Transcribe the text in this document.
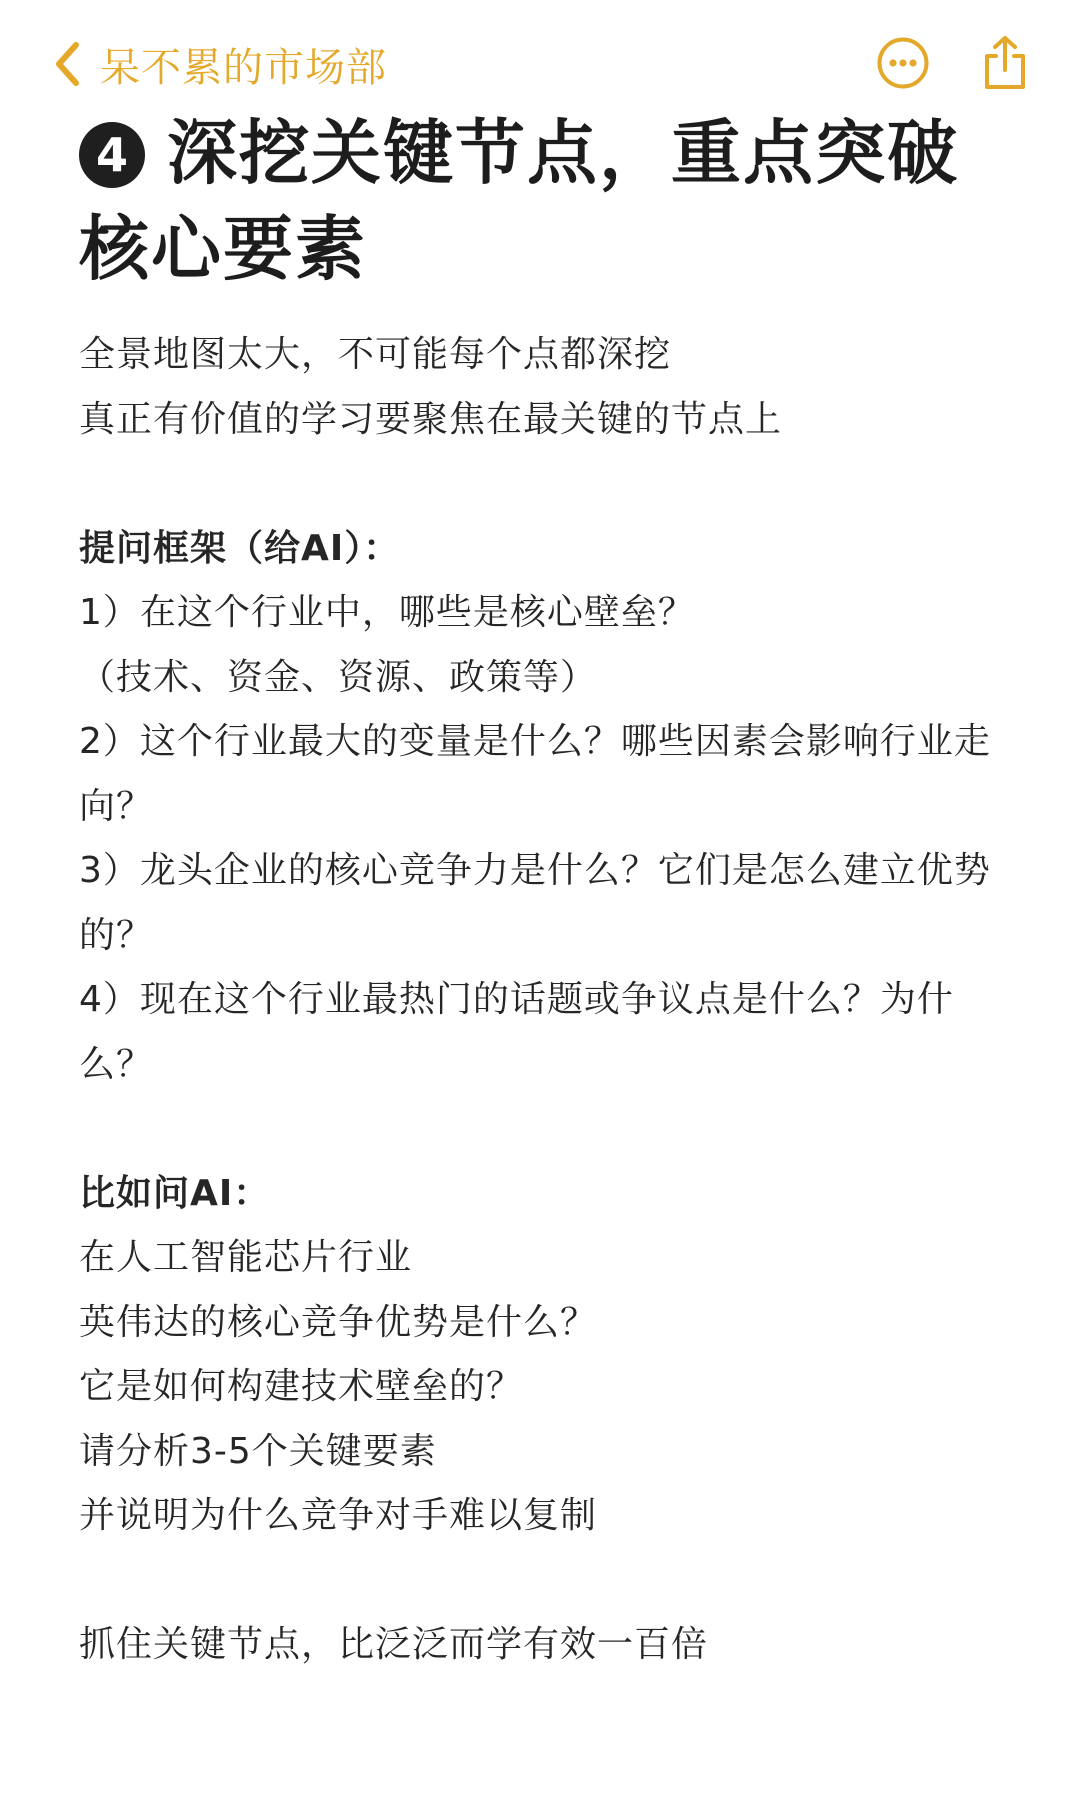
呆不累的市场部
4 深挖关键节点，重点突破核心要素
全景地图太大，不可能每个点都深挖
真正有价值的学习要聚焦在最关键的节点上
提问框架（给AI）：
1）在这个行业中，哪些是核心壁垒？
（技术、资金、资源、政策等）
2）这个行业最大的变量是什么？哪些因素会影响行业走向？
3）龙头企业的核心竞争力是什么？它们是怎么建立优势的？
4）现在这个行业最热门的话题或争议点是什么？为什么？
比如问AI：
在人工智能芯片行业
英伟达的核心竞争优势是什么？
它是如何构建技术壁垒的？
请分析3-5个关键要素
并说明为什么竞争对手难以复制
抓住关键节点，比泛泛而学有效一百倍
